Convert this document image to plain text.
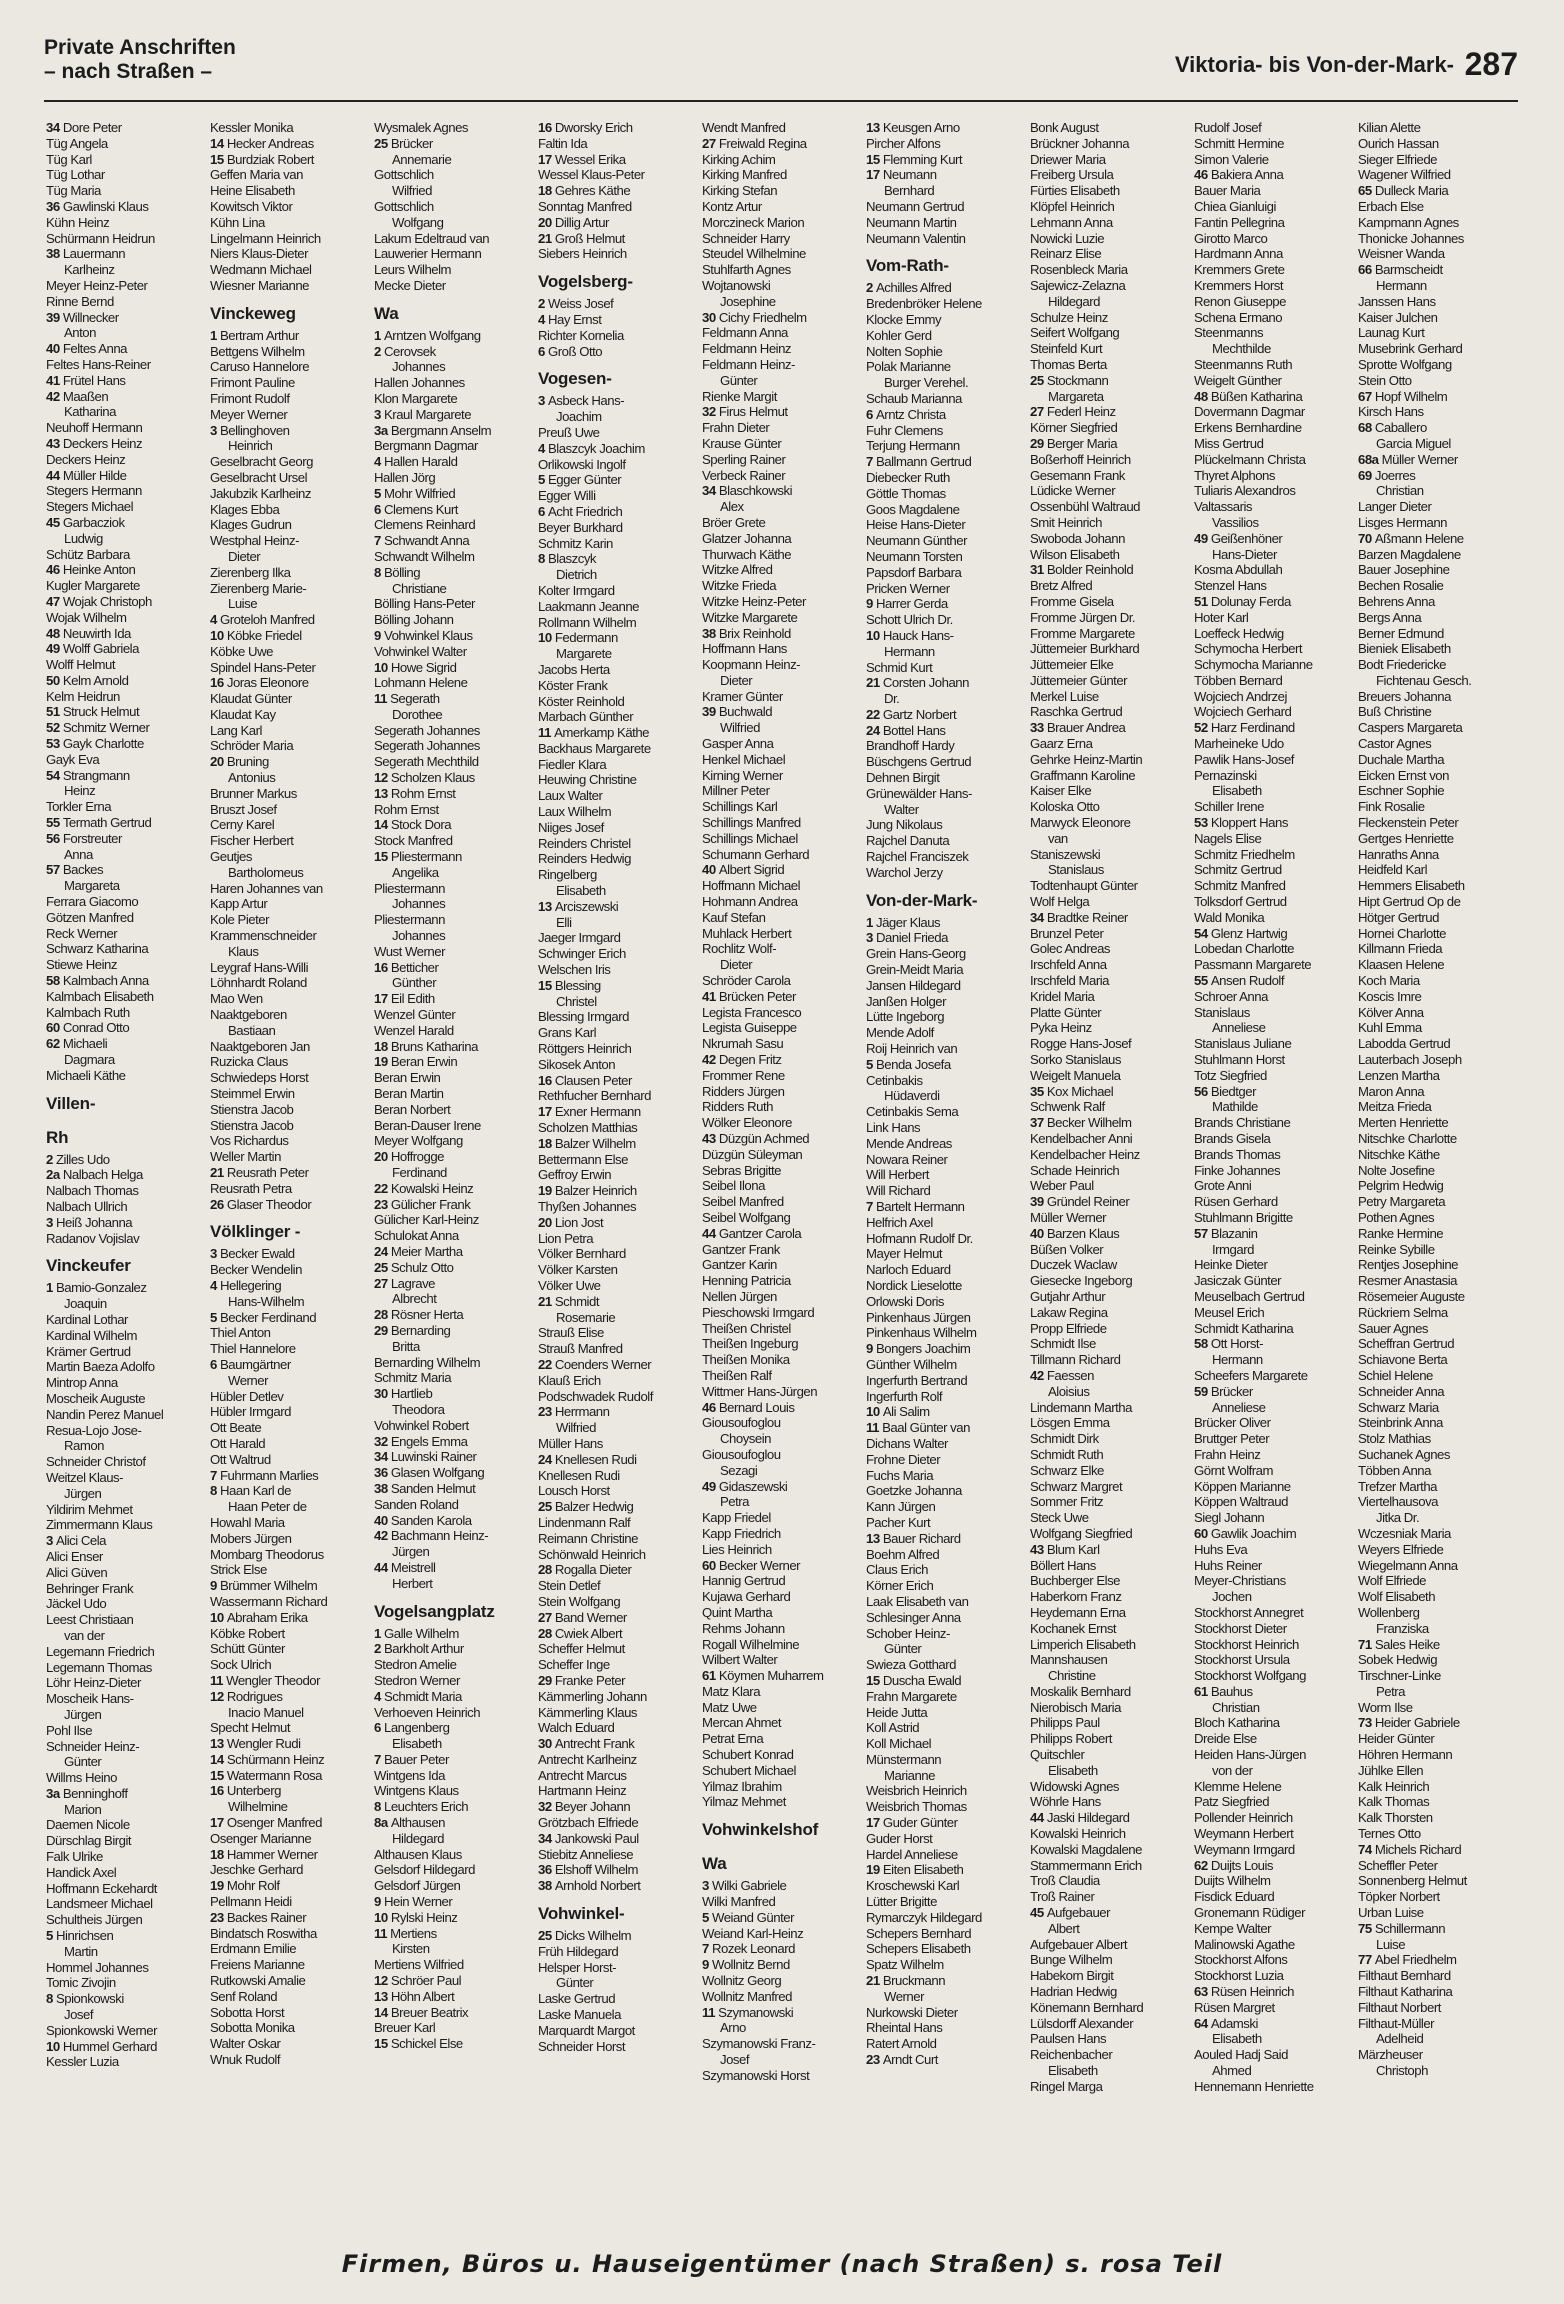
Private Anschriften
– nach Straßen –	Viktoria- bis Von-der-Mark- 287
34 Dore Peter
Tüg Angela
Tüg Karl
Tüg Lothar
Tüg Maria
36 Gawlinski Klaus
Kühn Heinz
Schürmann Heidrun
38 Lauermann
Karlheinz
Meyer Heinz-Peter
Rinne Bernd
39 Willnecker
Anton
40 Feltes Anna
Feltes Hans-Reiner
41 Frütel Hans
42 Maaßen
Katharina
Neuhoff Hermann
43 Deckers Heinz
Deckers Heinz
44 Müller Hilde
Stegers Hermann
Stegers Michael
45 Garbacziok
Ludwig
Schütz Barbara
46 Heinke Anton
Kugler Margarete
47 Wojak Christoph
Wojak Wilhelm
48 Neuwirth Ida
49 Wolff Gabriela
Wolff Helmut
50 Kelm Arnold
Kelm Heidrun
51 Struck Helmut
52 Schmitz Werner
53 Gayk Charlotte
Gayk Eva
54 Strangmann
Heinz
Torkler Erna
55 Termath Gertrud
56 Forstreuter
Anna
57 Backes
Margareta
Ferrara Giacomo
Götzen Manfred
Reck Werner
Schwarz Katharina
Stiewe Heinz
58 Kalmbach Anna
Kalmbach Elisabeth
Kalmbach Ruth
60 Conrad Otto
62 Michaeli
Dagmara
Michaeli Käthe
Villen-
Rh
2 Zilles Udo
2a Nalbach Helga
Nalbach Thomas
Nalbach Ullrich
3 Heiß Johanna
Radanov Vojislav
Vinckeufer
1 Bamio-Gonzalez
Joaquin
Kardinal Lothar
Kardinal Wilhelm
Krämer Gertrud
Martin Baeza Adolfo
Mintrop Anna
Moscheik Auguste
Nandin Perez Manuel
Resua-Lojo Jose-
Ramon
Schneider Christof
Weitzel Klaus-
Jürgen
Yildirim Mehmet
Zimmermann Klaus
3 Alici Cela
Alici Enser
Alici Güven
Behringer Frank
Jäckel Udo
Leest Christiaan
van der
Legemann Friedrich
Legemann Thomas
Löhr Heinz-Dieter
Moscheik Hans-
Jürgen
Pohl Ilse
Schneider Heinz-
Günter
Willms Heino
3a Benninghoff
Marion
Daemen Nicole
Dürschlag Birgit
Falk Ulrike
Handick Axel
Hoffmann Eckehardt
Landsmeer Michael
Schultheis Jürgen
5 Hinrichsen
Martin
Hommel Johannes
Tomic Zivojin
8 Spionkowski
Josef
Spionkowski Werner
10 Hummel Gerhard
Kessler Luzia
Kessler Monika
14 Hecker Andreas
15 Burdziak Robert
Geffen Maria van
Heine Elisabeth
Kowitsch Viktor
Kühn Lina
Lingelmann Heinrich
Niers Klaus-Dieter
Wedmann Michael
Wiesner Marianne
Vinckeweg
1 Bertram Arthur
Bettgens Wilhelm
Caruso Hannelore
Frimont Pauline
Frimont Rudolf
Meyer Werner
3 Bellinghoven
Heinrich
Geselbracht Georg
Geselbracht Ursel
Jakubzik Karlheinz
Klages Ebba
Klages Gudrun
Westphal Heinz-
Dieter
Zierenberg Ilka
Zierenberg Marie-
Luise
4 Groteloh Manfred
10 Köbke Friedel
Köbke Uwe
Spindel Hans-Peter
16 Joras Eleonore
Klaudat Günter
Klaudat Kay
Lang Karl
Schröder Maria
20 Bruning
Antonius
Brunner Markus
Bruszt Josef
Cerny Karel
Fischer Herbert
Geutjes
Bartholomeus
Haren Johannes van
Kapp Artur
Kole Pieter
Krammenschneider
Klaus
Leygraf Hans-Willi
Löhnhardt Roland
Mao Wen
Naaktgeboren
Bastiaan
Naaktgeboren Jan
Ruzicka Claus
Schwiedeps Horst
Steimmel Erwin
Stienstra Jacob
Stienstra Jacob
Vos Richardus
Weller Martin
21 Reusrath Peter
Reusrath Petra
26 Glaser Theodor
Völklinger -
3 Becker Ewald
Becker Wendelin
4 Hellegering
Hans-Wilhelm
5 Becker Ferdinand
Thiel Anton
Thiel Hannelore
6 Baumgärtner
Werner
Hübler Detlev
Hübler Irmgard
Ott Beate
Ott Harald
Ott Waltrud
7 Fuhrmann Marlies
8 Haan Karl de
Haan Peter de
Howahl Maria
Mobers Jürgen
Mombarg Theodorus
Strick Else
9 Brümmer Wilhelm
Wassermann Richard
10 Abraham Erika
Köbke Robert
Schütt Günter
Sock Ulrich
11 Wengler Theodor
12 Rodrigues
Inacio Manuel
Specht Helmut
13 Wengler Rudi
14 Schürmann Heinz
15 Watermann Rosa
16 Unterberg
Wilhelmine
17 Osenger Manfred
Osenger Marianne
18 Hammer Werner
Jeschke Gerhard
19 Mohr Rolf
Pellmann Heidi
23 Backes Rainer
Bindatsch Roswitha
Erdmann Emilie
Freiens Marianne
Rutkowski Amalie
Senf Roland
Sobotta Horst
Sobotta Monika
Walter Oskar
Wnuk Rudolf
Wysmalek Agnes
25 Brücker
Annemarie
Gottschlich
Wilfried
Gottschlich
Wolfgang
Lakum Edeltraud van
Lauwerier Hermann
Leurs Wilhelm
Mecke Dieter
Wa
1 Arntzen Wolfgang
2 Cerovsek
Johannes
Hallen Johannes
Klon Margarete
3 Kraul Margarete
3a Bergmann Anselm
Bergmann Dagmar
4 Hallen Harald
Hallen Jörg
5 Mohr Wilfried
6 Clemens Kurt
Clemens Reinhard
7 Schwandt Anna
Schwandt Wilhelm
8 Bölling
Christiane
Bölling Hans-Peter
Bölling Johann
9 Vohwinkel Klaus
Vohwinkel Walter
10 Howe Sigrid
Lohmann Helene
11 Segerath
Dorothee
Segerath Johannes
Segerath Johannes
Segerath Mechthild
12 Scholzen Klaus
13 Rohm Ernst
Rohm Ernst
14 Stock Dora
Stock Manfred
15 Pliestermann
Angelika
Pliestermann
Johannes
Pliestermann
Johannes
Wust Werner
16 Betticher
Günther
17 Eil Edith
Wenzel Günter
Wenzel Harald
18 Bruns Katharina
19 Beran Erwin
Beran Erwin
Beran Martin
Beran Norbert
Beran-Dauser Irene
Meyer Wolfgang
20 Hoffrogge
Ferdinand
22 Kowalski Heinz
23 Gülicher Frank
Gülicher Karl-Heinz
Schulokat Anna
24 Meier Martha
25 Schulz Otto
27 Lagrave
Albrecht
28 Rösner Herta
29 Bernarding
Britta
Bernarding Wilhelm
Schmitz Maria
30 Hartlieb
Theodora
Vohwinkel Robert
32 Engels Emma
34 Luwinski Rainer
36 Glasen Wolfgang
38 Sanden Helmut
Sanden Roland
40 Sanden Karola
42 Bachmann Heinz-
Jürgen
44 Meistrell
Herbert
Vogelsangplatz
1 Galle Wilhelm
2 Barkholt Arthur
Stedron Amelie
Stedron Werner
4 Schmidt Maria
Verhoeven Heinrich
6 Langenberg
Elisabeth
7 Bauer Peter
Wintgens Ida
Wintgens Klaus
8 Leuchters Erich
8a Althausen
Hildegard
Althausen Klaus
Gelsdorf Hildegard
Gelsdorf Jürgen
9 Hein Werner
10 Rylski Heinz
11 Mertiens
Kirsten
Mertiens Wilfried
12 Schröer Paul
13 Höhn Albert
14 Breuer Beatrix
Breuer Karl
15 Schickel Else
16 Dworsky Erich
Faltin Ida
17 Wessel Erika
Wessel Klaus-Peter
18 Gehres Käthe
Sonntag Manfred
20 Dillig Artur
21 Groß Helmut
Siebers Heinrich
Vogelsberg-
2 Weiss Josef
4 Hay Ernst
Richter Kornelia
6 Groß Otto
Vogesen-
3 Asbeck Hans-
Joachim
Preuß Uwe
4 Blaszcyk Joachim
Orlikowski Ingolf
5 Egger Günter
Egger Willi
6 Acht Friedrich
Beyer Burkhard
Schmitz Karin
8 Blaszcyk
Dietrich
Kolter Irmgard
Laakmann Jeanne
Rollmann Wilhelm
10 Federmann
Margarete
Jacobs Herta
Köster Frank
Köster Reinhold
Marbach Günther
11 Amerkamp Käthe
Backhaus Margarete
Fiedler Klara
Heuwing Christine
Laux Walter
Laux Wilhelm
Niiges Josef
Reinders Christel
Reinders Hedwig
Ringelberg
Elisabeth
13 Arciszewski
Elli
Jaeger Irmgard
Schwinger Erich
Welschen Iris
15 Blessing
Christel
Blessing Irmgard
Grans Karl
Röttgers Heinrich
Sikosek Anton
16 Clausen Peter
Rethfucher Bernhard
17 Exner Hermann
Scholzen Matthias
18 Balzer Wilhelm
Bettermann Else
Geffroy Erwin
19 Balzer Heinrich
Thyßen Johannes
20 Lion Jost
Lion Petra
Völker Bernhard
Völker Karsten
Völker Uwe
21 Schmidt
Rosemarie
Strauß Elise
Strauß Manfred
22 Coenders Werner
Klauß Erich
Podschwadek Rudolf
23 Herrmann
Wilfried
Müller Hans
24 Knellesen Rudi
Knellesen Rudi
Lousch Horst
25 Balzer Hedwig
Lindenmann Ralf
Reimann Christine
Schönwald Heinrich
28 Rogalla Dieter
Stein Detlef
Stein Wolfgang
27 Band Werner
28 Cwiek Albert
Scheffer Helmut
Scheffer Inge
29 Franke Peter
Kämmerling Johann
Kämmerling Klaus
Walch Eduard
30 Antrecht Frank
Antrecht Karlheinz
Antrecht Marcus
Hartmann Heinz
32 Beyer Johann
Grötzbach Elfriede
34 Jankowski Paul
Stiebitz Anneliese
36 Elshoff Wilhelm
38 Arnhold Norbert
Vohwinkel-
25 Dicks Wilhelm
Früh Hildegard
Helsper Horst-
Günter
Laske Gertrud
Laske Manuela
Marquardt Margot
Schneider Horst
Wendt Manfred
27 Freiwald Regina
Kirking Achim
Kirking Manfred
Kirking Stefan
Kontz Artur
Morczineck Marion
Schneider Harry
Steudel Wilhelmine
Stuhlfarth Agnes
Wojtanowski
Josephine
30 Cichy Friedhelm
Feldmann Anna
Feldmann Heinz
Feldmann Heinz-
Günter
Rienke Margit
32 Firus Helmut
Frahn Dieter
Krause Günter
Sperling Rainer
Verbeck Rainer
34 Blaschkowski
Alex
Bröer Grete
Glatzer Johanna
Thurwach Käthe
Witzke Alfred
Witzke Frieda
Witzke Heinz-Peter
Witzke Margarete
38 Brix Reinhold
Hoffmann Hans
Koopmann Heinz-
Dieter
Kramer Günter
39 Buchwald
Wilfried
Gasper Anna
Henkel Michael
Kirning Werner
Millner Peter
Schillings Karl
Schillings Manfred
Schillings Michael
Schumann Gerhard
40 Albert Sigrid
Hoffmann Michael
Hohmann Andrea
Kauf Stefan
Muhlack Herbert
Rochlitz Wolf-
Dieter
Schröder Carola
41 Brücken Peter
Legista Francesco
Legista Guiseppe
Nkrumah Sasu
42 Degen Fritz
Frommer Rene
Ridders Jürgen
Ridders Ruth
Wölker Eleonore
43 Düzgün Achmed
Düzgün Süleyman
Sebras Brigitte
Seibel Ilona
Seibel Manfred
Seibel Wolfgang
44 Gantzer Carola
Gantzer Frank
Gantzer Karin
Henning Patricia
Nellen Jürgen
Pieschowski Irmgard
Theißen Christel
Theißen Ingeburg
Theißen Monika
Theißen Ralf
Wittmer Hans-Jürgen
46 Bernard Louis
Giousoufoglou
Choysein
Giousoufoglou
Sezagi
49 Gidaszewski
Petra
Kapp Friedel
Kapp Friedrich
Lies Heinrich
60 Becker Werner
Hannig Gertrud
Kujawa Gerhard
Quint Martha
Rehms Johann
Rogall Wilhelmine
Wilbert Walter
61 Köymen Muharrem
Matz Klara
Matz Uwe
Mercan Ahmet
Petrat Erna
Schubert Konrad
Schubert Michael
Yilmaz Ibrahim
Yilmaz Mehmet
Vohwinkelshof
Wa
3 Wilki Gabriele
Wilki Manfred
5 Weiand Günter
Weiand Karl-Heinz
7 Rozek Leonard
9 Wollnitz Bernd
Wollnitz Georg
Wollnitz Manfred
11 Szymanowski
Arno
Szymanowski Franz-
Josef
Szymanowski Horst
13 Keusgen Arno
Pircher Alfons
15 Flemming Kurt
17 Neumann
Bernhard
Neumann Gertrud
Neumann Martin
Neumann Valentin
Vom-Rath-
2 Achilles Alfred
Bredenbröker Helene
Klocke Emmy
Kohler Gerd
Nolten Sophie
Polak Marianne
Burger Verehel.
Schaub Marianna
6 Arntz Christa
Fuhr Clemens
Terjung Hermann
7 Ballmann Gertrud
Diebecker Ruth
Göttle Thomas
Goos Magdalene
Heise Hans-Dieter
Neumann Günther
Neumann Torsten
Papsdorf Barbara
Pricken Werner
9 Harrer Gerda
Schott Ulrich Dr.
10 Hauck Hans-
Hermann
Schmid Kurt
21 Corsten Johann
Dr.
22 Gartz Norbert
24 Bottel Hans
Brandhoff Hardy
Büschgens Gertrud
Dehnen Birgit
Grünewälder Hans-
Walter
Jung Nikolaus
Rajchel Danuta
Rajchel Franciszek
Warchol Jerzy
Von-der-Mark-
1 Jäger Klaus
3 Daniel Frieda
Grein Hans-Georg
Grein-Meidt Maria
Jansen Hildegard
Janßen Holger
Lütte Ingeborg
Mende Adolf
Roij Heinrich van
5 Benda Josefa
Cetinbakis
Hüdaverdi
Cetinbakis Sema
Link Hans
Mende Andreas
Nowara Reiner
Will Herbert
Will Richard
7 Bartelt Hermann
Helfrich Axel
Hofmann Rudolf Dr.
Mayer Helmut
Narloch Eduard
Nordick Lieselotte
Orlowski Doris
Pinkenhaus Jürgen
Pinkenhaus Wilhelm
9 Bongers Joachim
Günther Wilhelm
Ingerfurth Bertrand
Ingerfurth Rolf
10 Ali Salim
11 Baal Günter van
Dichans Walter
Frohne Dieter
Fuchs Maria
Goetzke Johanna
Kann Jürgen
Pacher Kurt
13 Bauer Richard
Boehm Alfred
Claus Erich
Körner Erich
Laak Elisabeth van
Schlesinger Anna
Schober Heinz-
Günter
Swieza Gotthard
15 Duscha Ewald
Frahn Margarete
Heide Jutta
Koll Astrid
Koll Michael
Münstermann
Marianne
Weisbrich Heinrich
Weisbrich Thomas
17 Guder Günter
Guder Horst
Hardel Anneliese
19 Eiten Elisabeth
Kroschewski Karl
Lütter Brigitte
Rymarczyk Hildegard
Schepers Bernhard
Schepers Elisabeth
Spatz Wilhelm
21 Bruckmann
Werner
Nurkowski Dieter
Rheintal Hans
Ratert Arnold
23 Arndt Curt
Bonk August
Brückner Johanna
Driewer Maria
Freiberg Ursula
Fürties Elisabeth
Klöpfel Heinrich
Lehmann Anna
Nowicki Luzie
Reinarz Elise
Rosenbleck Maria
Sajewicz-Zelazna
Hildegard
Schulze Heinz
Seifert Wolfgang
Steinfeld Kurt
Thomas Berta
25 Stockmann
Margareta
27 Federl Heinz
Körner Siegfried
29 Berger Maria
Boßerhoff Heinrich
Gesemann Frank
Lüdicke Werner
Ossenbühl Waltraud
Smit Heinrich
Swoboda Johann
Wilson Elisabeth
31 Bolder Reinhold
Bretz Alfred
Fromme Gisela
Fromme Jürgen Dr.
Fromme Margarete
Jüttemeier Burkhard
Jüttemeier Elke
Jüttemeier Günter
Merkel Luise
Raschka Gertrud
33 Brauer Andrea
Gaarz Erna
Gehrke Heinz-Martin
Graffmann Karoline
Kaiser Elke
Koloska Otto
Marwyck Eleonore
van
Staniszewski
Stanislaus
Todtenhaupt Günter
Wolf Helga
34 Bradtke Reiner
Brunzel Peter
Golec Andreas
Irschfeld Anna
Irschfeld Maria
Kridel Maria
Platte Günter
Pyka Heinz
Rogge Hans-Josef
Sorko Stanislaus
Weigelt Manuela
35 Kox Michael
Schwenk Ralf
37 Becker Wilhelm
Kendelbacher Anni
Kendelbacher Heinz
Schade Heinrich
Weber Paul
39 Gründel Reiner
Müller Werner
40 Barzen Klaus
Büßen Volker
Duczek Waclaw
Giesecke Ingeborg
Gutjahr Arthur
Lakaw Regina
Propp Elfriede
Schmidt Ilse
Tillmann Richard
42 Faessen
Aloisius
Lindemann Martha
Lösgen Emma
Schmidt Dirk
Schmidt Ruth
Schwarz Elke
Schwarz Margret
Sommer Fritz
Steck Uwe
Wolfgang Siegfried
43 Blum Karl
Böllert Hans
Buchberger Else
Haberkorn Franz
Heydemann Erna
Kochanek Ernst
Limperich Elisabeth
Mannshausen
Christine
Moskalik Bernhard
Nierobisch Maria
Philipps Paul
Philipps Robert
Quitschler
Elisabeth
Widowski Agnes
Wöhrle Hans
44 Jaski Hildegard
Kowalski Heinrich
Kowalski Magdalene
Stammermann Erich
Troß Claudia
Troß Rainer
45 Aufgebauer
Albert
Aufgebauer Albert
Bunge Wilhelm
Habekorn Birgit
Hadrian Hedwig
Könemann Bernhard
Lülsdorff Alexander
Paulsen Hans
Reichenbacher
Elisabeth
Ringel Marga
Rudolf Josef
Schmitt Hermine
Simon Valerie
46 Bakiera Anna
Bauer Maria
Chiea Gianluigi
Fantin Pellegrina
Girotto Marco
Hardmann Anna
Kremmers Grete
Kremmers Horst
Renon Giuseppe
Schena Ermano
Steenmanns
Mechthilde
Steenmanns Ruth
Weigelt Günther
48 Büßen Katharina
Dovermann Dagmar
Erkens Bernhardine
Miss Gertrud
Plückelmann Christa
Thyret Alphons
Tuliaris Alexandros
Valtassaris
Vassilios
49 Geißenhöner
Hans-Dieter
Kosma Abdullah
Stenzel Hans
51 Dolunay Ferda
Hoter Karl
Loeffeck Hedwig
Schymocha Herbert
Schymocha Marianne
Többen Bernard
Wojciech Andrzej
Wojciech Gerhard
52 Harz Ferdinand
Marheineke Udo
Pawlik Hans-Josef
Pernazinski
Elisabeth
Schiller Irene
53 Kloppert Hans
Nagels Elise
Schmitz Friedhelm
Schmitz Gertrud
Schmitz Manfred
Tolksdorf Gertrud
Wald Monika
54 Glenz Hartwig
Lobedan Charlotte
Passmann Margarete
55 Ansen Rudolf
Schroer Anna
Stanislaus
Anneliese
Stanislaus Juliane
Stuhlmann Horst
Totz Siegfried
56 Biedtger
Mathilde
Brands Christiane
Brands Gisela
Brands Thomas
Finke Johannes
Grote Anni
Rüsen Gerhard
Stuhlmann Brigitte
57 Blazanin
Irmgard
Heinke Dieter
Jasiczak Günter
Meuselbach Gertrud
Meusel Erich
Schmidt Katharina
58 Ott Horst-
Hermann
Scheefers Margarete
59 Brücker
Anneliese
Brücker Oliver
Bruttger Peter
Frahn Heinz
Görnt Wolfram
Köppen Marianne
Köppen Waltraud
Siegl Johann
60 Gawlik Joachim
Huhs Eva
Huhs Reiner
Meyer-Christians
Jochen
Stockhorst Annegret
Stockhorst Dieter
Stockhorst Heinrich
Stockhorst Ursula
Stockhorst Wolfgang
61 Bauhus
Christian
Bloch Katharina
Dreide Else
Heiden Hans-Jürgen
von der
Klemme Helene
Patz Siegfried
Pollender Heinrich
Weymann Herbert
Weymann Irmgard
62 Duijts Louis
Duijts Wilhelm
Fisdick Eduard
Gronemann Rüdiger
Kempe Walter
Malinowski Agathe
Stockhorst Alfons
Stockhorst Luzia
63 Rüsen Heinrich
Rüsen Margret
64 Adamski
Elisabeth
Aouled Hadj Said
Ahmed
Hennemann Henriette
Kilian Alette
Ourich Hassan
Sieger Elfriede
Wagener Wilfried
65 Dulleck Maria
Erbach Else
Kampmann Agnes
Thonicke Johannes
Weisner Wanda
66 Barmscheidt
Hermann
Janssen Hans
Kaiser Julchen
Launag Kurt
Musebrink Gerhard
Sprotte Wolfgang
Stein Otto
67 Hopf Wilhelm
Kirsch Hans
68 Caballero
Garcia Miguel
68a Müller Werner
69 Joerres
Christian
Langer Dieter
Lisges Hermann
70 Aßmann Helene
Barzen Magdalene
Bauer Josephine
Bechen Rosalie
Behrens Anna
Bergs Anna
Berner Edmund
Bieniek Elisabeth
Bodt Friedericke
Fichtenau Gesch.
Breuers Johanna
Buß Christine
Caspers Margareta
Castor Agnes
Duchale Martha
Eicken Ernst von
Eschner Sophie
Fink Rosalie
Fleckenstein Peter
Gertges Henriette
Hanraths Anna
Heidfeld Karl
Hemmers Elisabeth
Hipt Gertrud Op de
Hötger Gertrud
Hornei Charlotte
Killmann Frieda
Klaasen Helene
Koch Maria
Koscis Imre
Kölver Anna
Kuhl Emma
Labodda Gertrud
Lauterbach Joseph
Lenzen Martha
Maron Anna
Meitza Frieda
Merten Henriette
Nitschke Charlotte
Nitschke Käthe
Nolte Josefine
Pelgrim Hedwig
Petry Margareta
Pothen Agnes
Ranke Hermine
Reinke Sybille
Rentjes Josephine
Resmer Anastasia
Rösemeier Auguste
Rückriem Selma
Sauer Agnes
Scheffran Gertrud
Schiavone Berta
Schiel Helene
Schneider Anna
Schwarz Maria
Steinbrink Anna
Stolz Mathias
Suchanek Agnes
Többen Anna
Trefzer Martha
Viertelhausova
Jitka Dr.
Wczesniak Maria
Weyers Elfriede
Wiegelmann Anna
Wolf Elfriede
Wolf Elisabeth
Wollenberg
Franziska
71 Sales Heike
Sobek Hedwig
Tirschner-Linke
Petra
Worm Ilse
73 Heider Gabriele
Heider Günter
Höhren Hermann
Jühlke Ellen
Kalk Heinrich
Kalk Thomas
Kalk Thorsten
Ternes Otto
74 Michels Richard
Scheffler Peter
Sonnenberg Helmut
Töpker Norbert
Urban Luise
75 Schillermann
Luise
77 Abel Friedhelm
Filthaut Bernhard
Filthaut Katharina
Filthaut Norbert
Filthaut-Müller
Adelheid
Märzheuser
Christoph
Firmen, Büros u. Hauseigentümer (nach Straßen) s. rosa Teil
